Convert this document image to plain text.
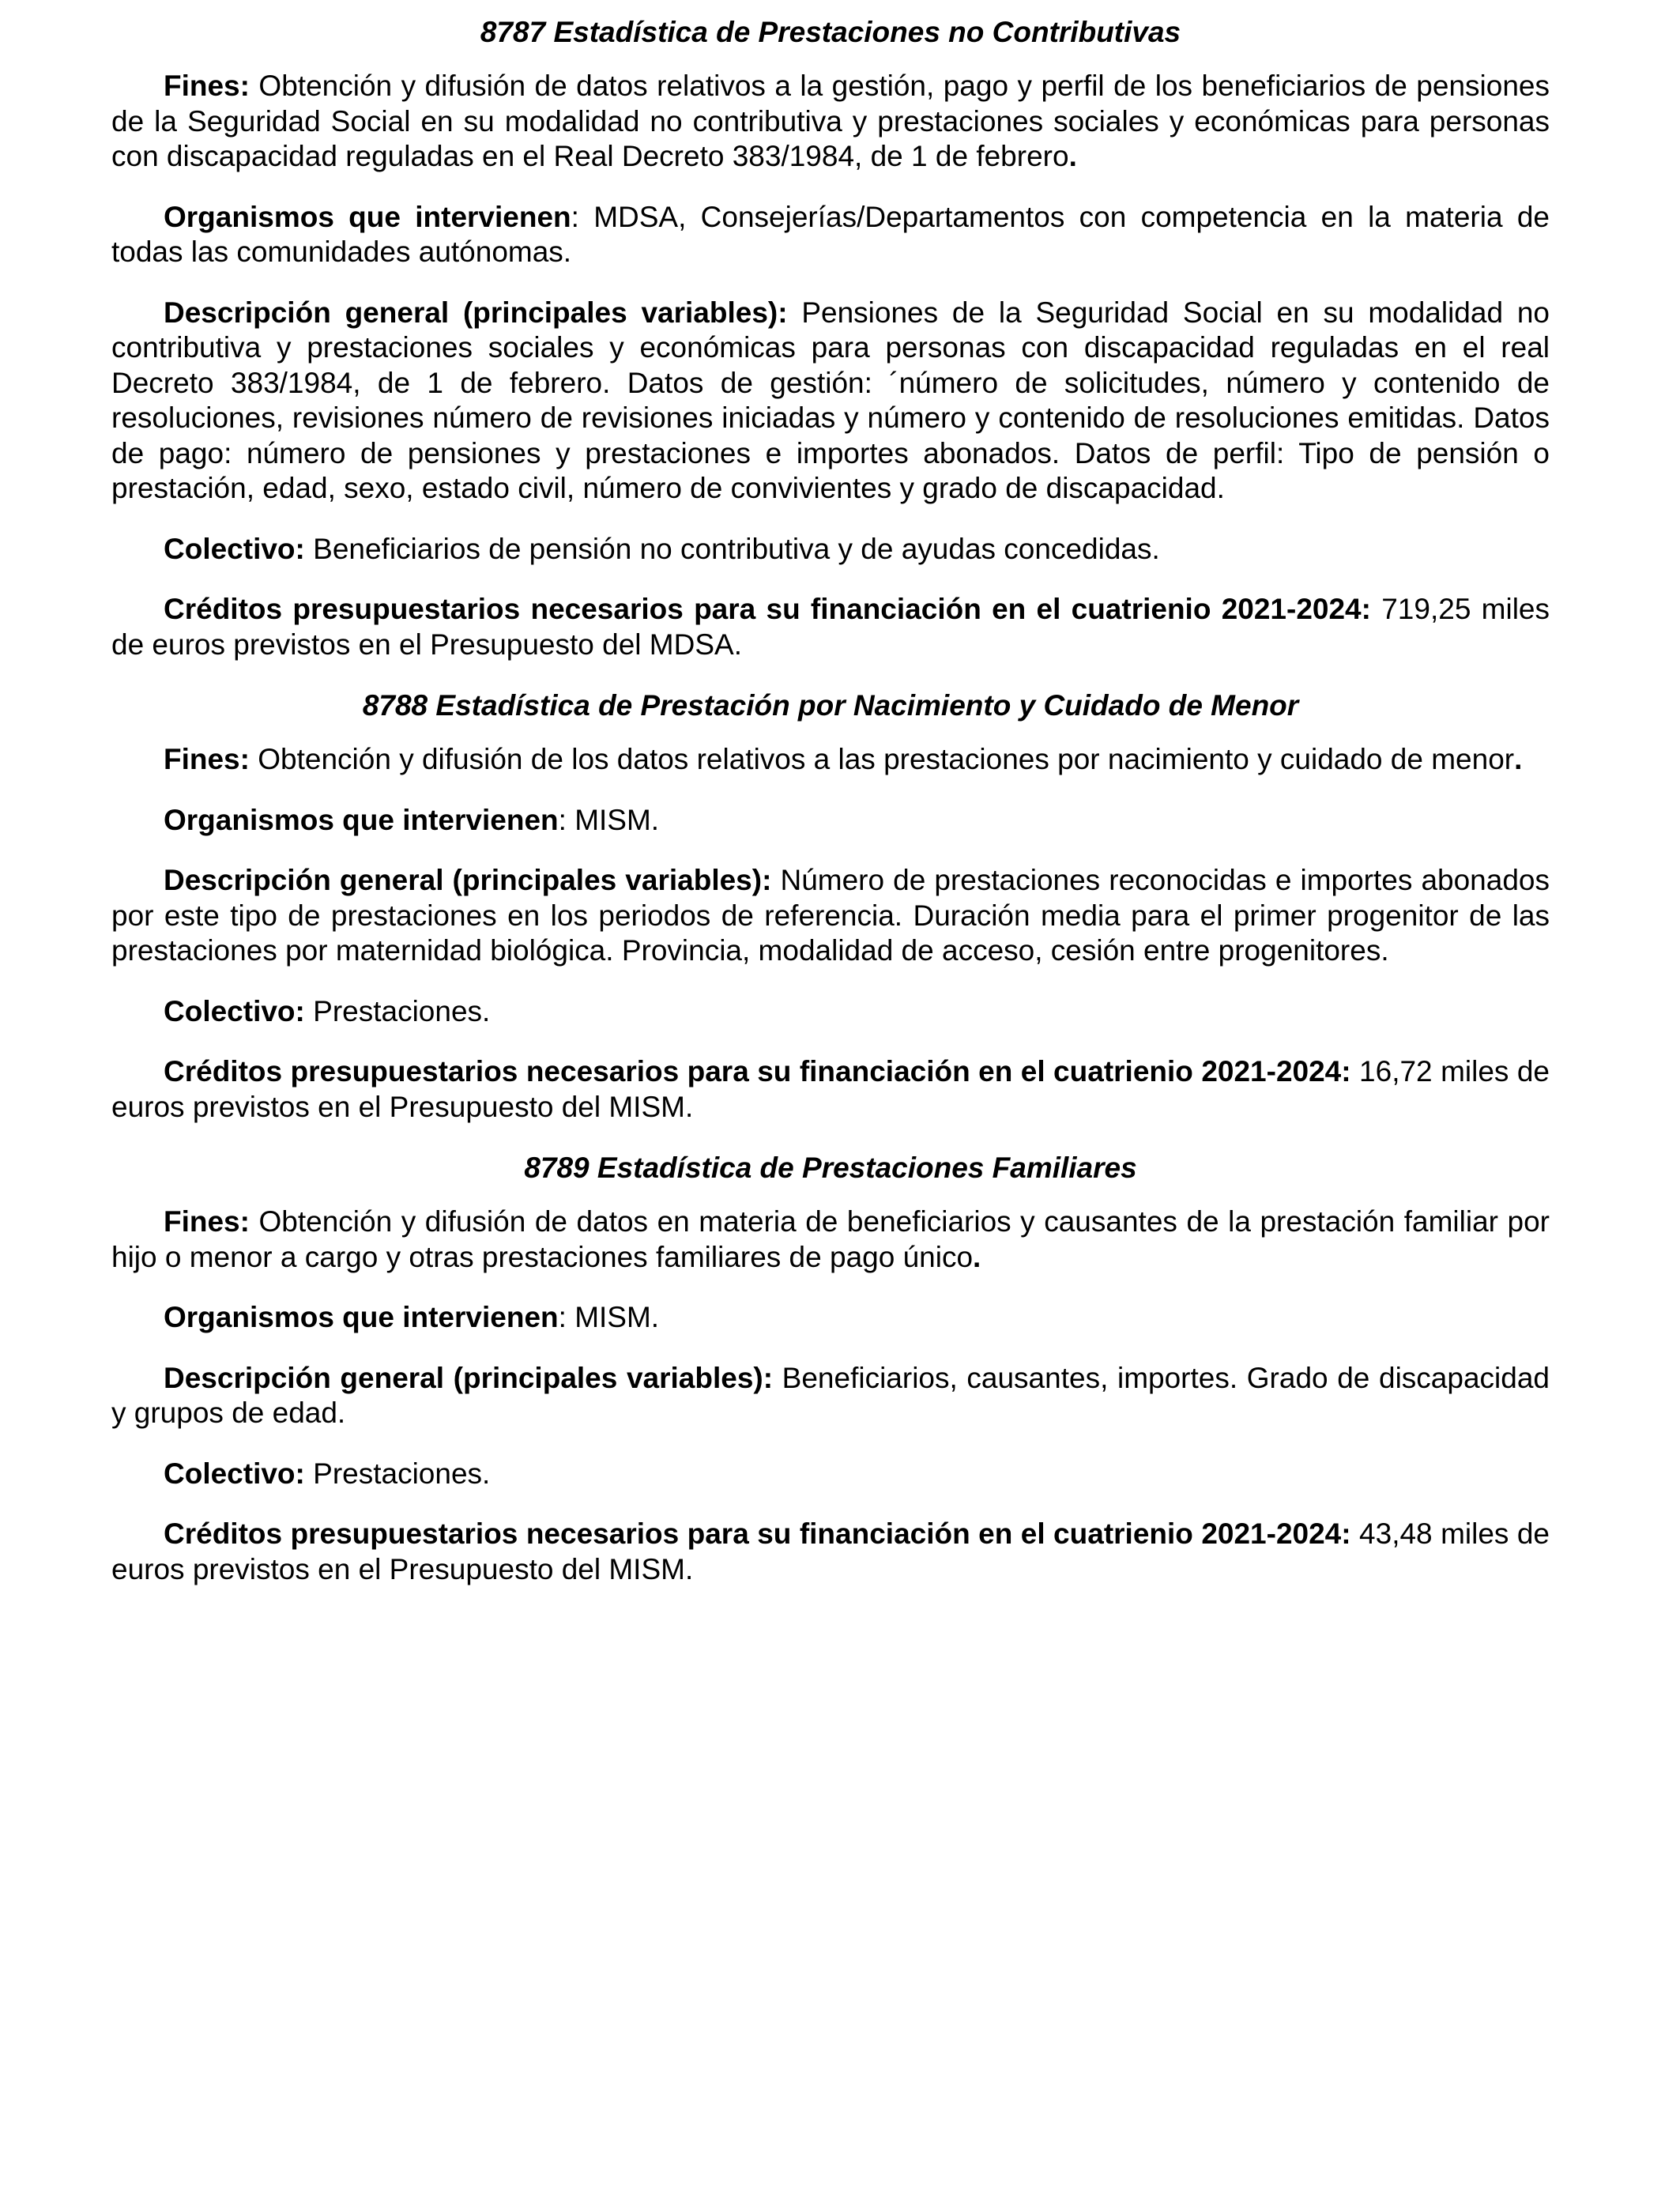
8787 Estadística de Prestaciones no Contributivas

Fines: Obtención y difusión de datos relativos a la gestión, pago y perfil de los beneficiarios de pensiones de la Seguridad Social en su modalidad no contributiva y prestaciones sociales y económicas para personas con discapacidad reguladas en el Real Decreto 383/1984, de 1 de febrero.

Organismos que intervienen: MDSA, Consejerías/Departamentos con competencia en la materia de todas las comunidades autónomas.

Descripción general (principales variables): Pensiones de la Seguridad Social en su modalidad no contributiva y prestaciones sociales y económicas para personas con discapacidad reguladas en el real Decreto 383/1984, de 1 de febrero. Datos de gestión: ´número de solicitudes, número y contenido de resoluciones, revisiones número de revisiones iniciadas y número y contenido de resoluciones emitidas. Datos de pago: número de pensiones y prestaciones e importes abonados. Datos de perfil: Tipo de pensión o prestación, edad, sexo, estado civil, número de convivientes y grado de discapacidad.

Colectivo: Beneficiarios de pensión no contributiva y de ayudas concedidas.

Créditos presupuestarios necesarios para su financiación en el cuatrienio 2021-2024: 719,25 miles de euros previstos en el Presupuesto del MDSA.

8788 Estadística de Prestación por Nacimiento y Cuidado de Menor

Fines: Obtención y difusión de los datos relativos a las prestaciones por nacimiento y cuidado de menor.

Organismos que intervienen: MISM.

Descripción general (principales variables): Número de prestaciones reconocidas e importes abonados por este tipo de prestaciones en los periodos de referencia. Duración media para el primer progenitor de las prestaciones por maternidad biológica. Provincia, modalidad de acceso, cesión entre progenitores.

Colectivo: Prestaciones.

Créditos presupuestarios necesarios para su financiación en el cuatrienio 2021-2024: 16,72 miles de euros previstos en el Presupuesto del MISM.

8789 Estadística de Prestaciones Familiares

Fines: Obtención y difusión de datos en materia de beneficiarios y causantes de la prestación familiar por hijo o menor a cargo y otras prestaciones familiares de pago único.

Organismos que intervienen: MISM.

Descripción general (principales variables): Beneficiarios, causantes, importes. Grado de discapacidad y grupos de edad.

Colectivo: Prestaciones.

Créditos presupuestarios necesarios para su financiación en el cuatrienio 2021-2024: 43,48 miles de euros previstos en el Presupuesto del MISM.
